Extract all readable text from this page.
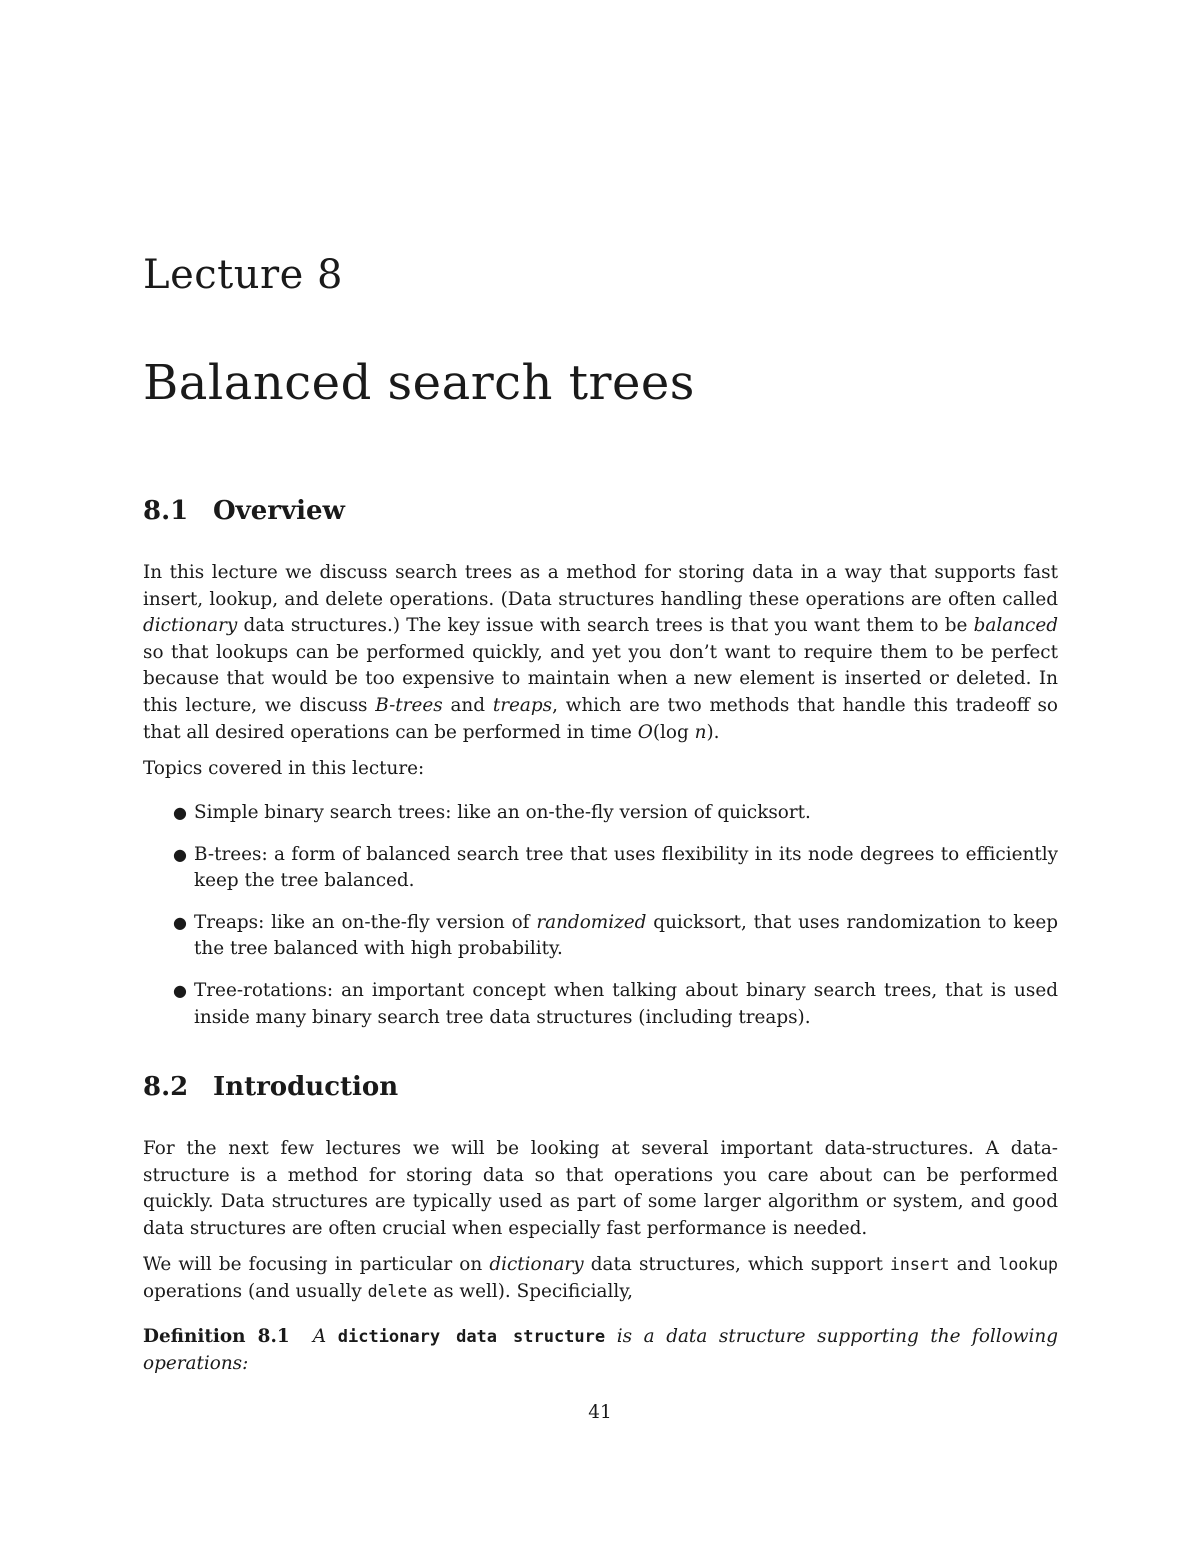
Lecture 8
Balanced search trees
8.1 Overview

In this lecture we discuss search trees as a method for storing data in a way that supports fast insert, lookup, and delete operations. (Data structures handling these operations are often called dictionary data structures.) The key issue with search trees is that you want them to be balanced so that lookups can be performed quickly, and yet you don’t want to require them to be perfect because that would be too expensive to maintain when a new element is inserted or deleted. In this lecture, we discuss B-trees and treaps, which are two methods that handle this tradeoff so that all desired operations can be performed in time O(log n).

Topics covered in this lecture:

● Simple binary search trees: like an on-the-fly version of quicksort.
● B-trees: a form of balanced search tree that uses flexibility in its node degrees to efficiently keep the tree balanced.
● Treaps: like an on-the-fly version of randomized quicksort, that uses randomization to keep the tree balanced with high probability.
● Tree-rotations: an important concept when talking about binary search trees, that is used inside many binary search tree data structures (including treaps).
8.2 Introduction

For the next few lectures we will be looking at several important data-structures. A data-structure is a method for storing data so that operations you care about can be performed quickly. Data structures are typically used as part of some larger algorithm or system, and good data structures are often crucial when especially fast performance is needed.

We will be focusing in particular on dictionary data structures, which support insert and lookup operations (and usually delete as well). Specificially,

Definition 8.1 A dictionary data structure is a data structure supporting the following operations:

41
